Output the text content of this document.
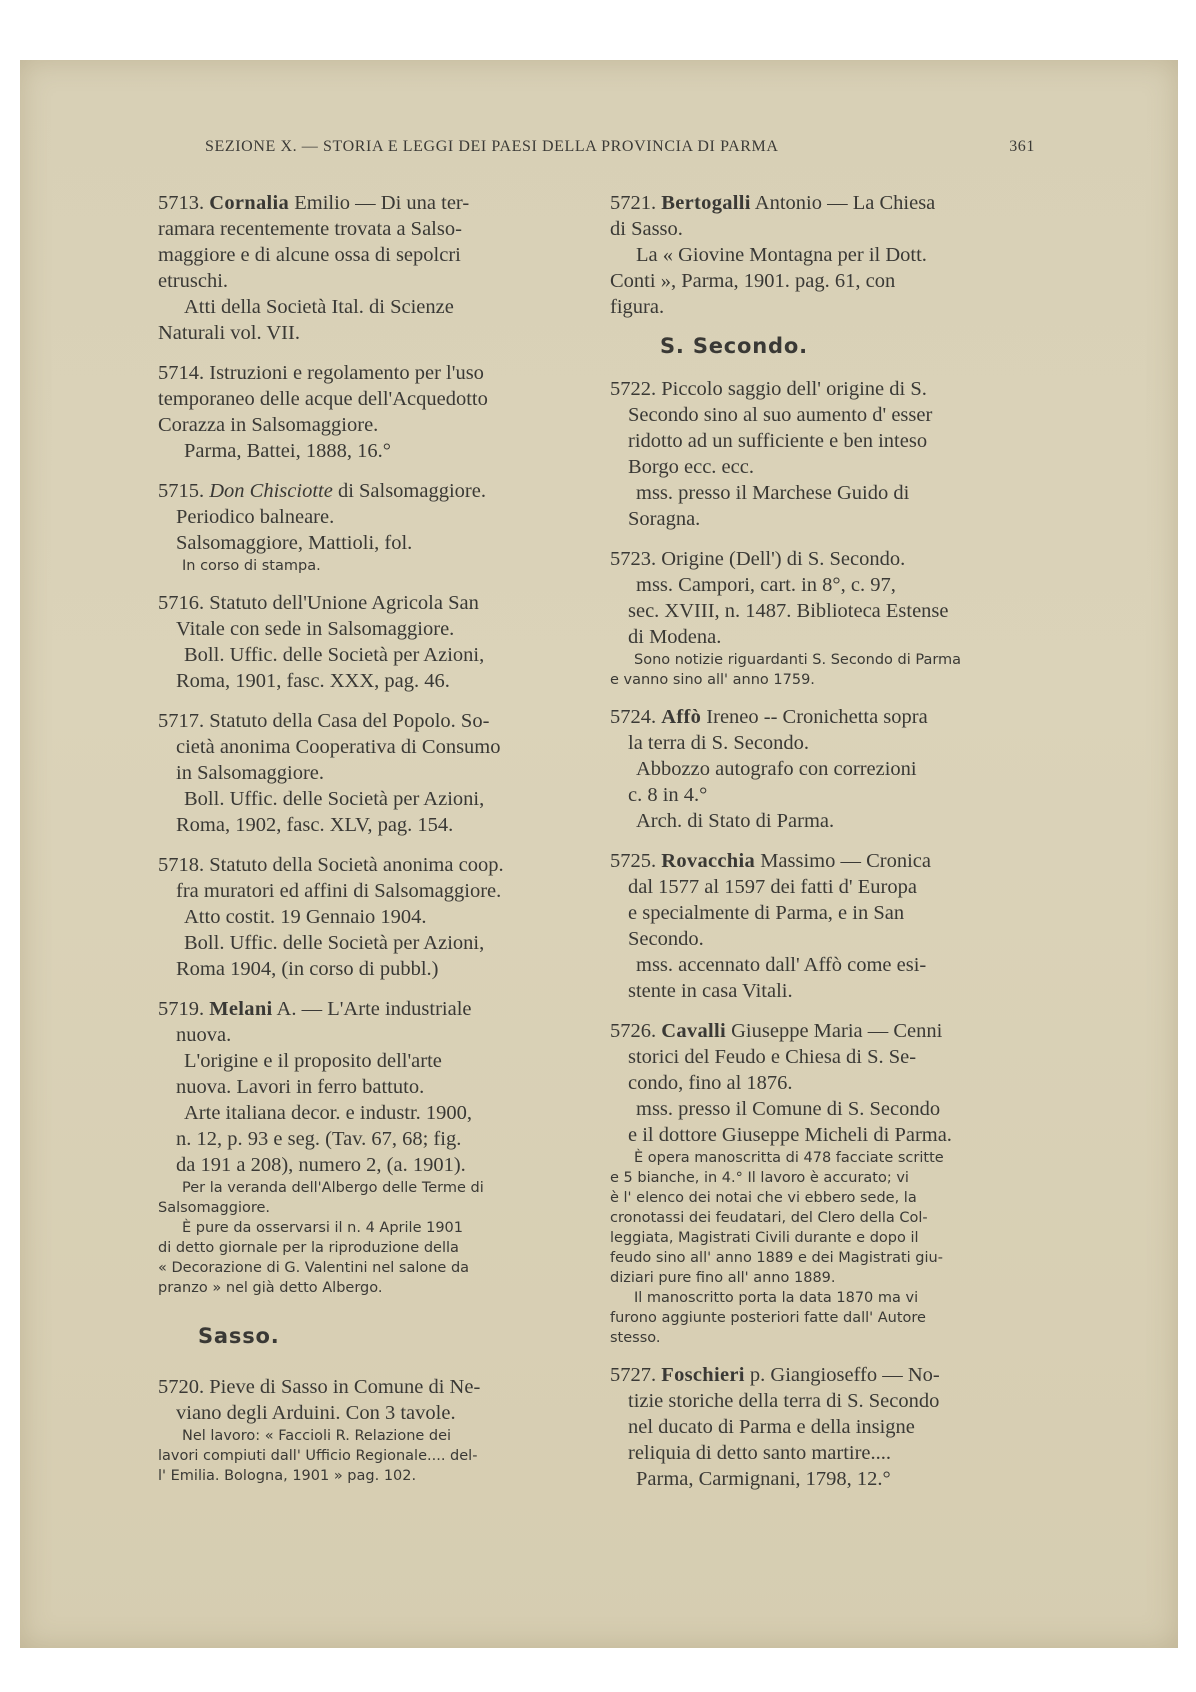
SEZIONE X. — STORIA E LEGGI DEI PAESI DELLA PROVINCIA DI PARMA	361
5713. Cornalia Emilio — Di una ter-
ramara recentemente trovata a Salso-
maggiore e di alcune ossa di sepolcri
etruschi.
Atti della Società Ital. di Scienze
Naturali vol. VII.
5714. Istruzioni e regolamento per l'uso
temporaneo delle acque dell'Acquedotto
Corazza in Salsomaggiore.
Parma, Battei, 1888, 16.°
5715. Don Chisciotte di Salsomaggiore.
Periodico balneare.
Salsomaggiore, Mattioli, fol.
In corso di stampa.
5716. Statuto dell'Unione Agricola San
Vitale con sede in Salsomaggiore.
Boll. Uffic. delle Società per Azioni,
Roma, 1901, fasc. XXX, pag. 46.
5717. Statuto della Casa del Popolo. So-
cietà anonima Cooperativa di Consumo
in Salsomaggiore.
Boll. Uffic. delle Società per Azioni,
Roma, 1902, fasc. XLV, pag. 154.
5718. Statuto della Società anonima coop.
fra muratori ed affini di Salsomaggiore.
Atto costit. 19 Gennaio 1904.
Boll. Uffic. delle Società per Azioni,
Roma 1904, (in corso di pubbl.)
5719. Melani A. — L'Arte industriale
nuova.
L'origine e il proposito dell'arte
nuova. Lavori in ferro battuto.
Arte italiana decor. e industr. 1900,
n. 12, p. 93 e seg. (Tav. 67, 68; fig.
da 191 a 208), numero 2, (a. 1901).
Per la veranda dell'Albergo delle Terme di
Salsomaggiore.
È pure da osservarsi il n. 4 Aprile 1901
di detto giornale per la riproduzione della
« Decorazione di G. Valentini nel salone da
pranzo » nel già detto Albergo.
Sasso.
5720. Pieve di Sasso in Comune di Ne-
viano degli Arduini. Con 3 tavole.
Nel lavoro: « Faccioli R. Relazione dei
lavori compiuti dall' Ufficio Regionale.... del-
l' Emilia. Bologna, 1901 » pag. 102.
5721. Bertogalli Antonio — La Chiesa
di Sasso.
La « Giovine Montagna per il Dott.
Conti », Parma, 1901. pag. 61, con
figura.
S. Secondo.
5722. Piccolo saggio dell' origine di S.
Secondo sino al suo aumento d' esser
ridotto ad un sufficiente e ben inteso
Borgo ecc. ecc.
mss. presso il Marchese Guido di
Soragna.
5723. Origine (Dell') di S. Secondo.
mss. Campori, cart. in 8°, c. 97,
sec. XVIII, n. 1487. Biblioteca Estense
di Modena.
Sono notizie riguardanti S. Secondo di Parma
e vanno sino all' anno 1759.
5724. Affò Ireneo -- Cronichetta sopra
la terra di S. Secondo.
Abbozzo autografo con correzioni
c. 8 in 4.°
Arch. di Stato di Parma.
5725. Rovacchia Massimo — Cronica
dal 1577 al 1597 dei fatti d' Europa
e specialmente di Parma, e in San
Secondo.
mss. accennato dall' Affò come esi-
stente in casa Vitali.
5726. Cavalli Giuseppe Maria — Cenni
storici del Feudo e Chiesa di S. Se-
condo, fino al 1876.
mss. presso il Comune di S. Secondo
e il dottore Giuseppe Micheli di Parma.
È opera manoscritta di 478 facciate scritte
e 5 bianche, in 4.° Il lavoro è accurato; vi
è l' elenco dei notai che vi ebbero sede, la
cronotassi dei feudatari, del Clero della Col-
leggiata, Magistrati Civili durante e dopo il
feudo sino all' anno 1889 e dei Magistrati giu-
diziari pure fino all' anno 1889.
Il manoscritto porta la data 1870 ma vi
furono aggiunte posteriori fatte dall' Autore
stesso.
5727. Foschieri p. Giangioseffo — No-
tizie storiche della terra di S. Secondo
nel ducato di Parma e della insigne
reliquia di detto santo martire....
Parma, Carmignani, 1798, 12.°
